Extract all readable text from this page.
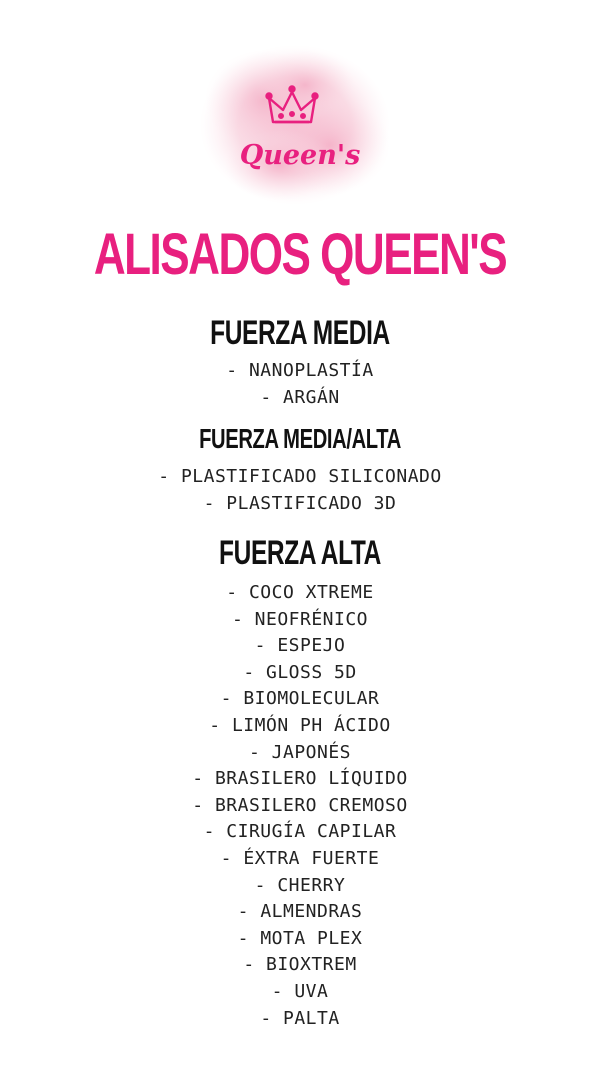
Queen's
ALISADOS QUEEN'S
FUERZA MEDIA
- NANOPLASTÍA
- ARGÁN
FUERZA MEDIA/ALTA
- PLASTIFICADO SILICONADO
- PLASTIFICADO 3D
FUERZA ALTA
- COCO XTREME
- NEOFRÉNICO
- ESPEJO
- GLOSS 5D
- BIOMOLECULAR
- LIMÓN PH ÁCIDO
- JAPONÉS
- BRASILERO LÍQUIDO
- BRASILERO CREMOSO
- CIRUGÍA CAPILAR
- ÉXTRA FUERTE
- CHERRY
- ALMENDRAS
- MOTA PLEX
- BIOXTREM
- UVA
- PALTA
